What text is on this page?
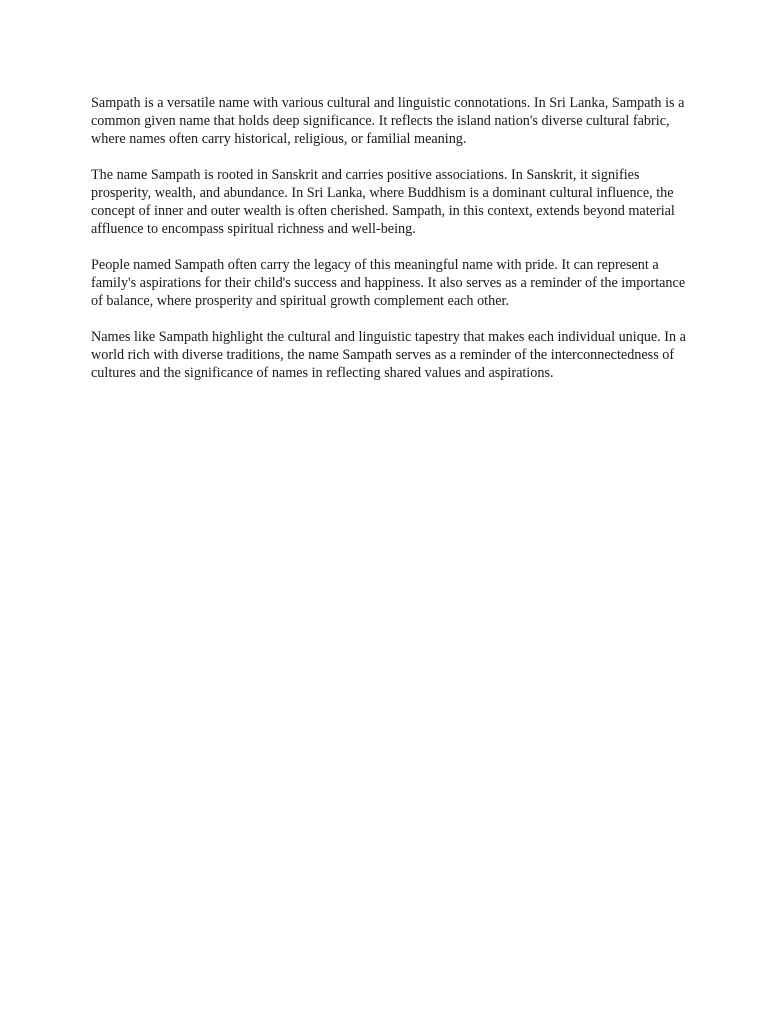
Sampath is a versatile name with various cultural and linguistic connotations. In Sri Lanka, Sampath is a common given name that holds deep significance. It reflects the island nation's diverse cultural fabric, where names often carry historical, religious, or familial meaning.

The name Sampath is rooted in Sanskrit and carries positive associations. In Sanskrit, it signifies prosperity, wealth, and abundance. In Sri Lanka, where Buddhism is a dominant cultural influence, the concept of inner and outer wealth is often cherished. Sampath, in this context, extends beyond material affluence to encompass spiritual richness and well-being.

People named Sampath often carry the legacy of this meaningful name with pride. It can represent a family's aspirations for their child's success and happiness. It also serves as a reminder of the importance of balance, where prosperity and spiritual growth complement each other.

Names like Sampath highlight the cultural and linguistic tapestry that makes each individual unique. In a world rich with diverse traditions, the name Sampath serves as a reminder of the interconnectedness of cultures and the significance of names in reflecting shared values and aspirations.
